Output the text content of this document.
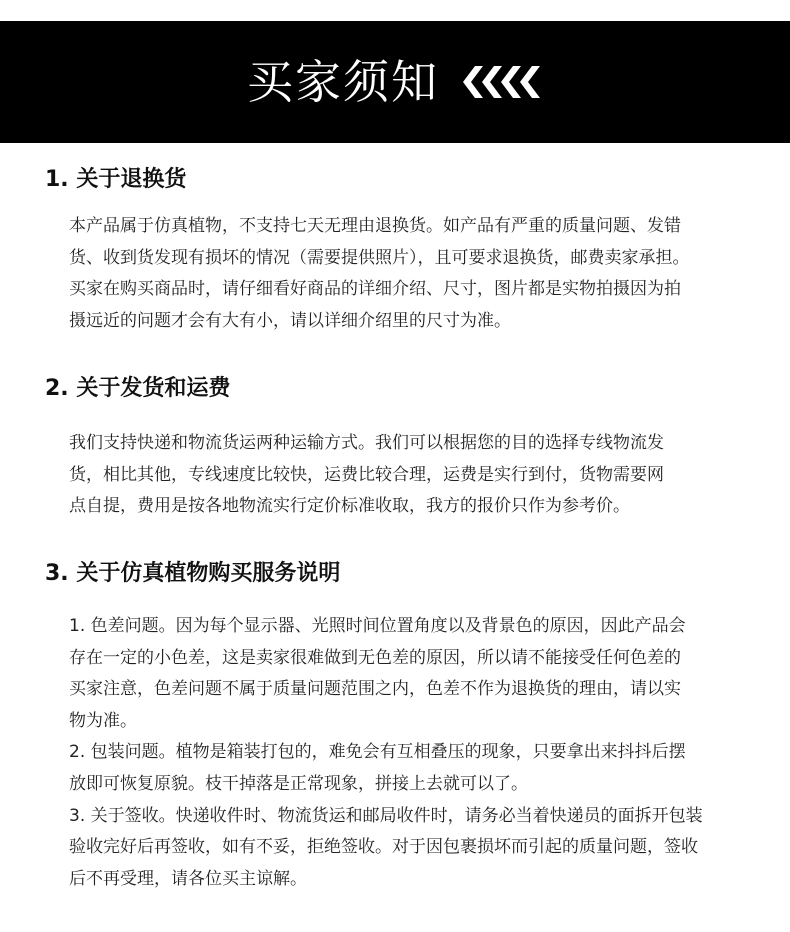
买家须知
1. 关于退换货
本产品属于仿真植物，不支持七天无理由退换货。如产品有严重的质量问题、发错
货、收到货发现有损坏的情况（需要提供照片），且可要求退换货，邮费卖家承担。
买家在购买商品时，请仔细看好商品的详细介绍、尺寸，图片都是实物拍摄因为拍
摄远近的问题才会有大有小，请以详细介绍里的尺寸为准。
2. 关于发货和运费
我们支持快递和物流货运两种运输方式。我们可以根据您的目的选择专线物流发
货，相比其他，专线速度比较快，运费比较合理，运费是实行到付，货物需要网
点自提，费用是按各地物流实行定价标准收取，我方的报价只作为参考价。
3. 关于仿真植物购买服务说明
1. 色差问题。因为每个显示器、光照时间位置角度以及背景色的原因，因此产品会
存在一定的小色差，这是卖家很难做到无色差的原因，所以请不能接受任何色差的
买家注意，色差问题不属于质量问题范围之内，色差不作为退换货的理由，请以实
物为准。
2. 包装问题。植物是箱装打包的，难免会有互相叠压的现象，只要拿出来抖抖后摆
放即可恢复原貌。枝干掉落是正常现象，拼接上去就可以了。
3. 关于签收。快递收件时、物流货运和邮局收件时，请务必当着快递员的面拆开包装
验收完好后再签收，如有不妥，拒绝签收。对于因包裹损坏而引起的质量问题，签收
后不再受理，请各位买主谅解。
